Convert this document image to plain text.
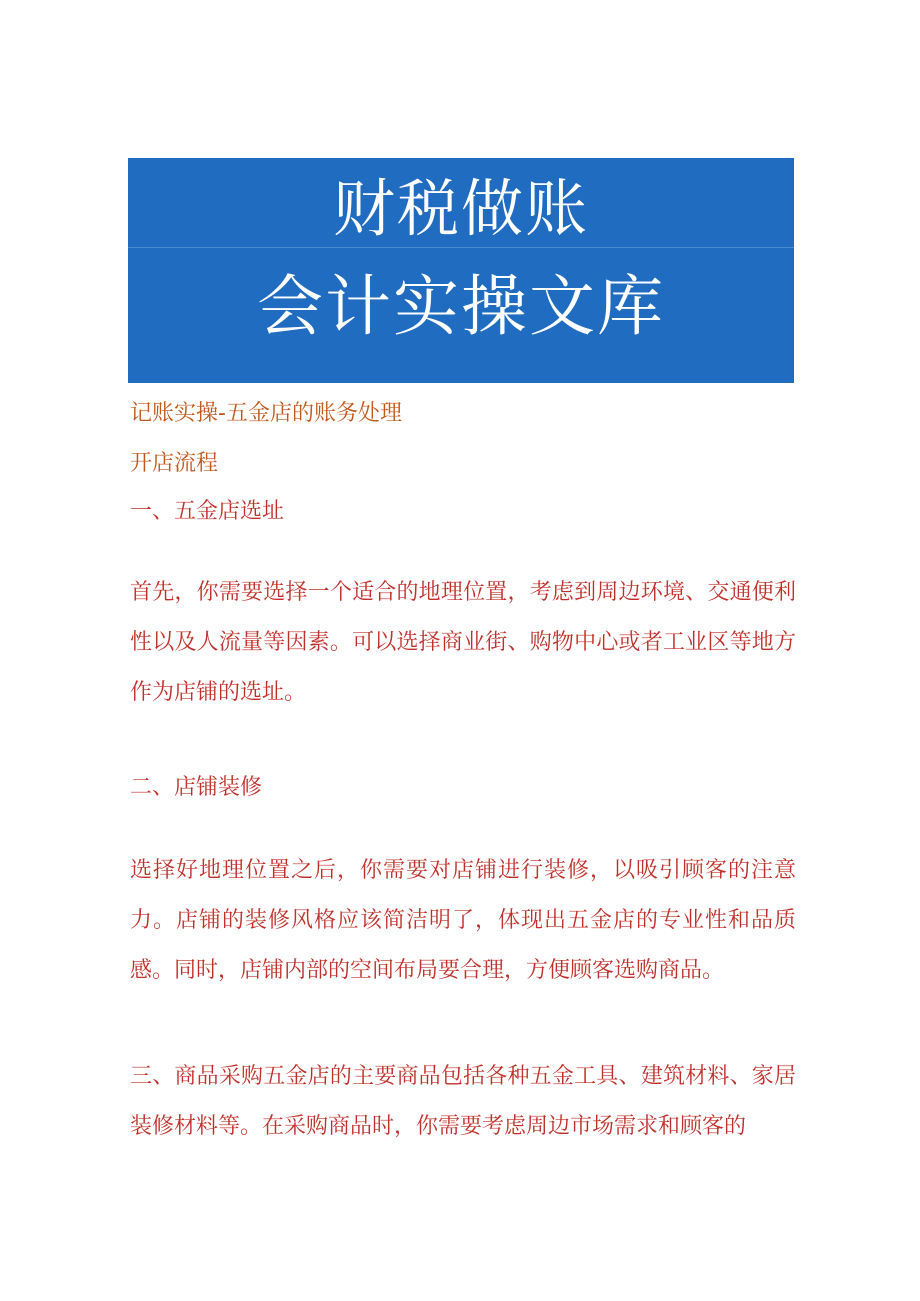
财税做账
会计实操文库

记账实操-五金店的账务处理

开店流程

一、五金店选址

首先，你需要选择一个适合的地理位置，考虑到周边环境、交通便利性以及人流量等因素。可以选择商业街、购物中心或者工业区等地方作为店铺的选址。

二、店铺装修

选择好地理位置之后，你需要对店铺进行装修，以吸引顾客的注意力。店铺的装修风格应该简洁明了，体现出五金店的专业性和品质感。同时，店铺内部的空间布局要合理，方便顾客选购商品。

三、商品采购五金店的主要商品包括各种五金工具、建筑材料、家居装修材料等。在采购商品时，你需要考虑周边市场需求和顾客的
